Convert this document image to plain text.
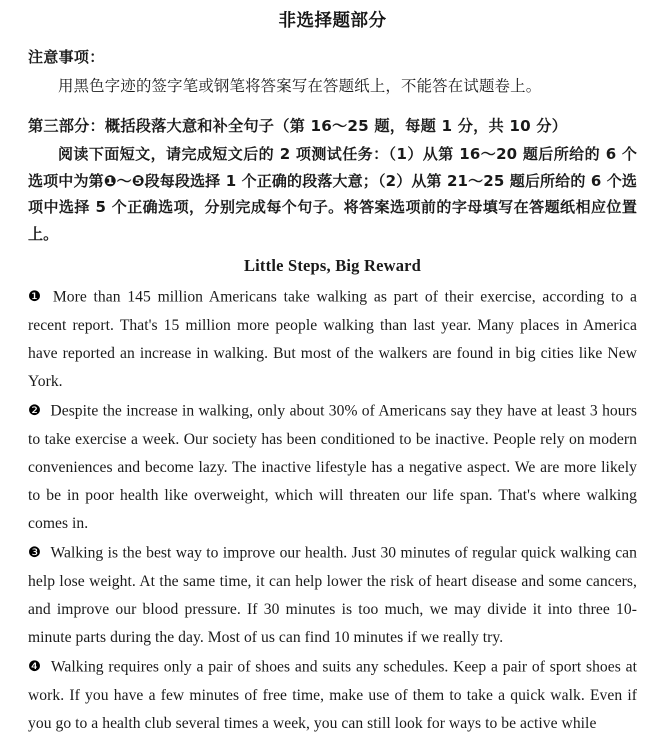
非选择题部分
注意事项：

用黑色字迹的签字笔或钢笔将答案写在答题纸上，不能答在试题卷上。

第三部分：概括段落大意和补全句子（第 16～25 题，每题 1 分，共 10 分）

阅读下面短文，请完成短文后的 2 项测试任务：（1）从第 16～20 题后所给的 6 个选项中为第❶～❺段每段选择 1 个正确的段落大意；（2）从第 21～25 题后所给的 6 个选项中选择 5 个正确选项，分别完成每个句子。将答案选项前的字母填写在答题纸相应位置上。

Little Steps, Big Reward

❶ More than 145 million Americans take walking as part of their exercise, according to a recent report. That's 15 million more people walking than last year. Many places in America have reported an increase in walking. But most of the walkers are found in big cities like New York.

❷ Despite the increase in walking, only about 30% of Americans say they have at least 3 hours to take exercise a week. Our society has been conditioned to be inactive. People rely on modern conveniences and become lazy. The inactive lifestyle has a negative aspect. We are more likely to be in poor health like overweight, which will threaten our life span. That's where walking comes in.

❸ Walking is the best way to improve our health. Just 30 minutes of regular quick walking can help lose weight. At the same time, it can help lower the risk of heart disease and some cancers, and improve our blood pressure. If 30 minutes is too much, we may divide it into three 10-minute parts during the day. Most of us can find 10 minutes if we really try.

❹ Walking requires only a pair of shoes and suits any schedules. Keep a pair of sport shoes at work. If you have a few minutes of free time, make use of them to take a quick walk. Even if you go to a health club several times a week, you can still look for ways to be active while
